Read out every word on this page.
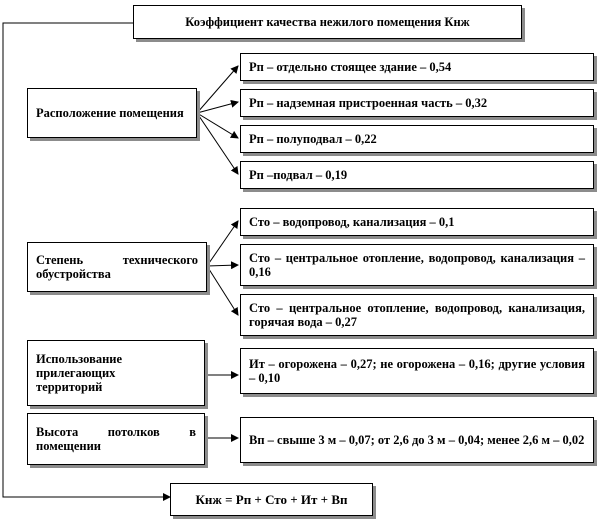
Коэффициент качества нежилого помещения Кнж
Расположение помещения
Рп – отдельно стоящее здание – 0,54
Рп – надземная пристроенная часть – 0,32
Рп – полуподвал – 0,22
Рп –подвал – 0,19
Степень технического обустройства
Сто – водопровод, канализация – 0,1
Сто – центральное отопление, водопровод, канализация – 0,16
Сто – центральное отопление, водопровод, канализация, горячая вода – 0,27
Использование прилегающих территорий
Ит – огорожена – 0,27; не огорожена – 0,16; другие условия – 0,10
Высота потолков в помещении	Вп – свыше 3 м – 0,07; от 2,6 до 3 м – 0,04; менее 2,6 м – 0,02
Кнж = Рп + Сто + Ит + Вп
